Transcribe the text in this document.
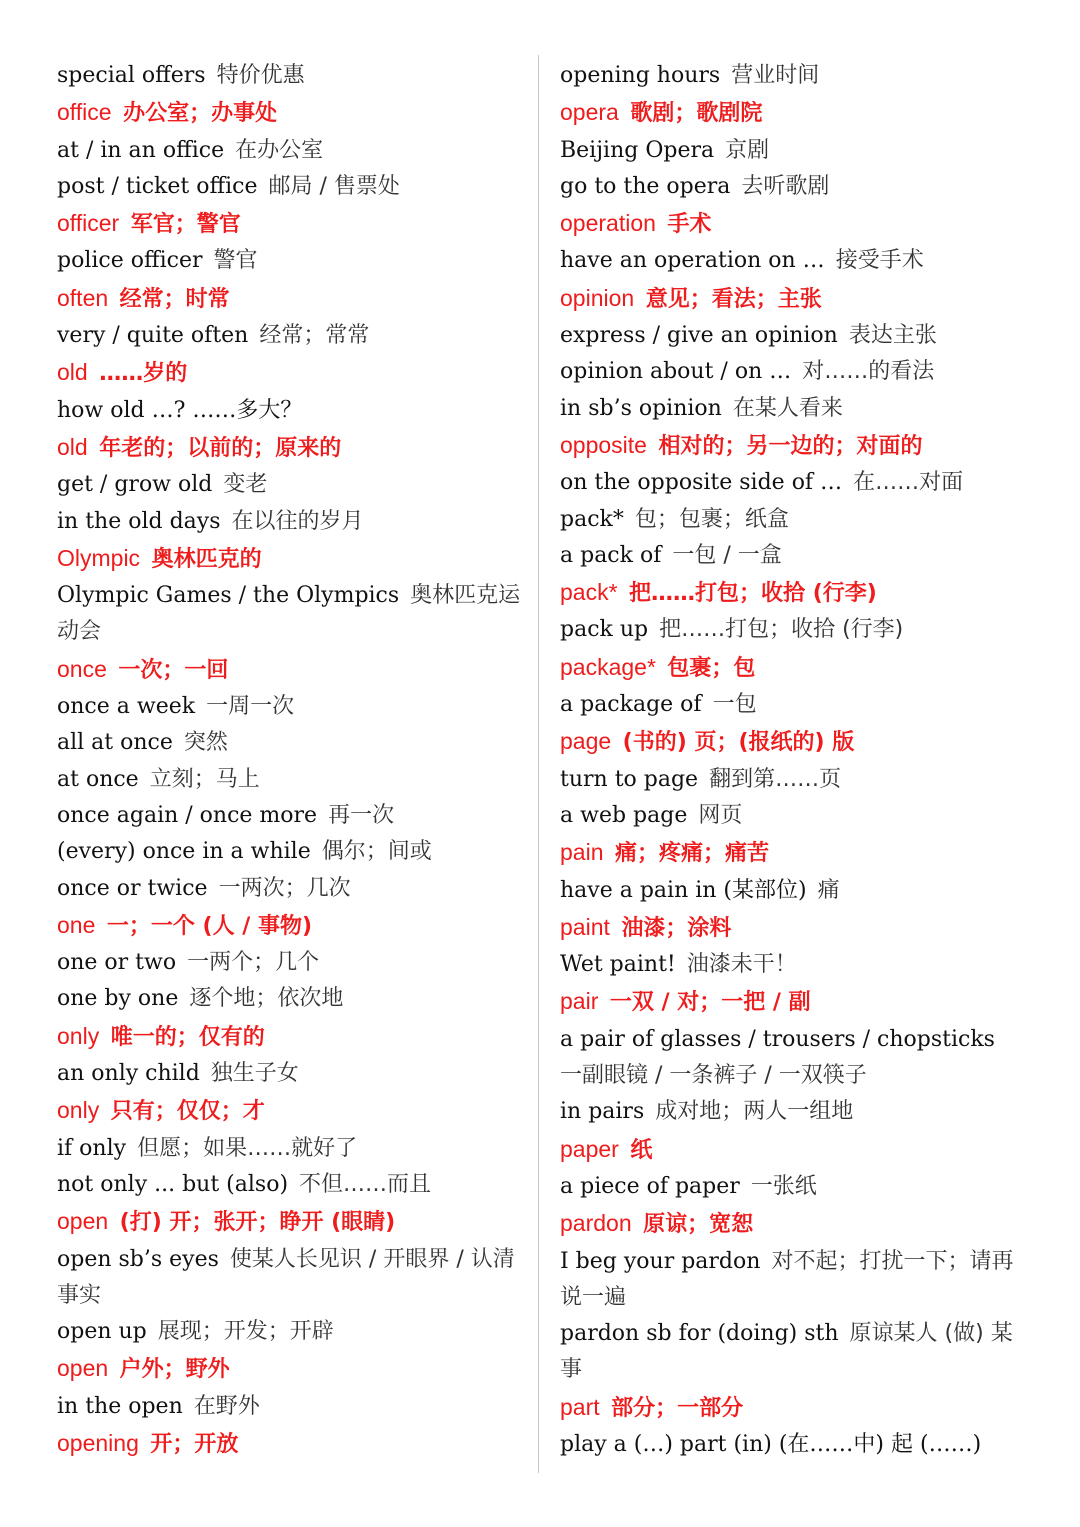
special offers  特价优惠
office  办公室；办事处
at / in an office  在办公室
post / ticket office  邮局 / 售票处
officer  军官；警官
police officer  警官
often  经常；时常
very / quite often  经常；常常
old  ……岁的
how old …? ……多大？
old  年老的；以前的；原来的
get / grow old  变老
in the old days  在以往的岁月
Olympic  奥林匹克的
Olympic Games / the Olympics  奥林匹克运动会
once  一次；一回
once a week  一周一次
all at once  突然
at once  立刻；马上
once again / once more  再一次
(every) once in a while  偶尔；间或
once or twice  一两次；几次
one  一；一个 (人 / 事物)
one or two  一两个；几个
one by one  逐个地；依次地
only  唯一的；仅有的
an only child  独生子女
only  只有；仅仅；才
if only  但愿；如果……就好了
not only ... but (also)  不但……而且
open  (打) 开；张开；睁开 (眼睛)
open sb’s eyes  使某人长见识 / 开眼界 / 认清事实
open up  展现；开发；开辟
open  户外；野外
in the open  在野外
opening  开；开放
opening hours  营业时间
opera  歌剧；歌剧院
Beijing Opera  京剧
go to the opera  去听歌剧
operation  手术
have an operation on …  接受手术
opinion  意见；看法；主张
express / give an opinion  表达主张
opinion about / on …  对……的看法
in sb’s opinion  在某人看来
opposite  相对的；另一边的；对面的
on the opposite side of …  在……对面
pack*  包；包裹；纸盒
a pack of  一包 / 一盒
pack*  把……打包；收拾 (行李)
pack up  把……打包；收拾 (行李)
package*  包裹；包
a package of  一包
page  (书的) 页；(报纸的) 版
turn to page  翻到第……页
a web page  网页
pain  痛；疼痛；痛苦
have a pain in (某部位)  痛
paint  油漆；涂料
Wet paint!  油漆未干！
pair  一双 / 对；一把 / 副
a pair of glasses / trousers / chopsticks 一副眼镜 / 一条裤子 / 一双筷子
in pairs  成对地；两人一组地
paper  纸
a piece of paper  一张纸
pardon  原谅；宽恕
I beg your pardon  对不起；打扰一下；请再说一遍
pardon sb for (doing) sth  原谅某人 (做) 某事
part  部分；一部分
play a (…) part (in) (在……中) 起 (……)
